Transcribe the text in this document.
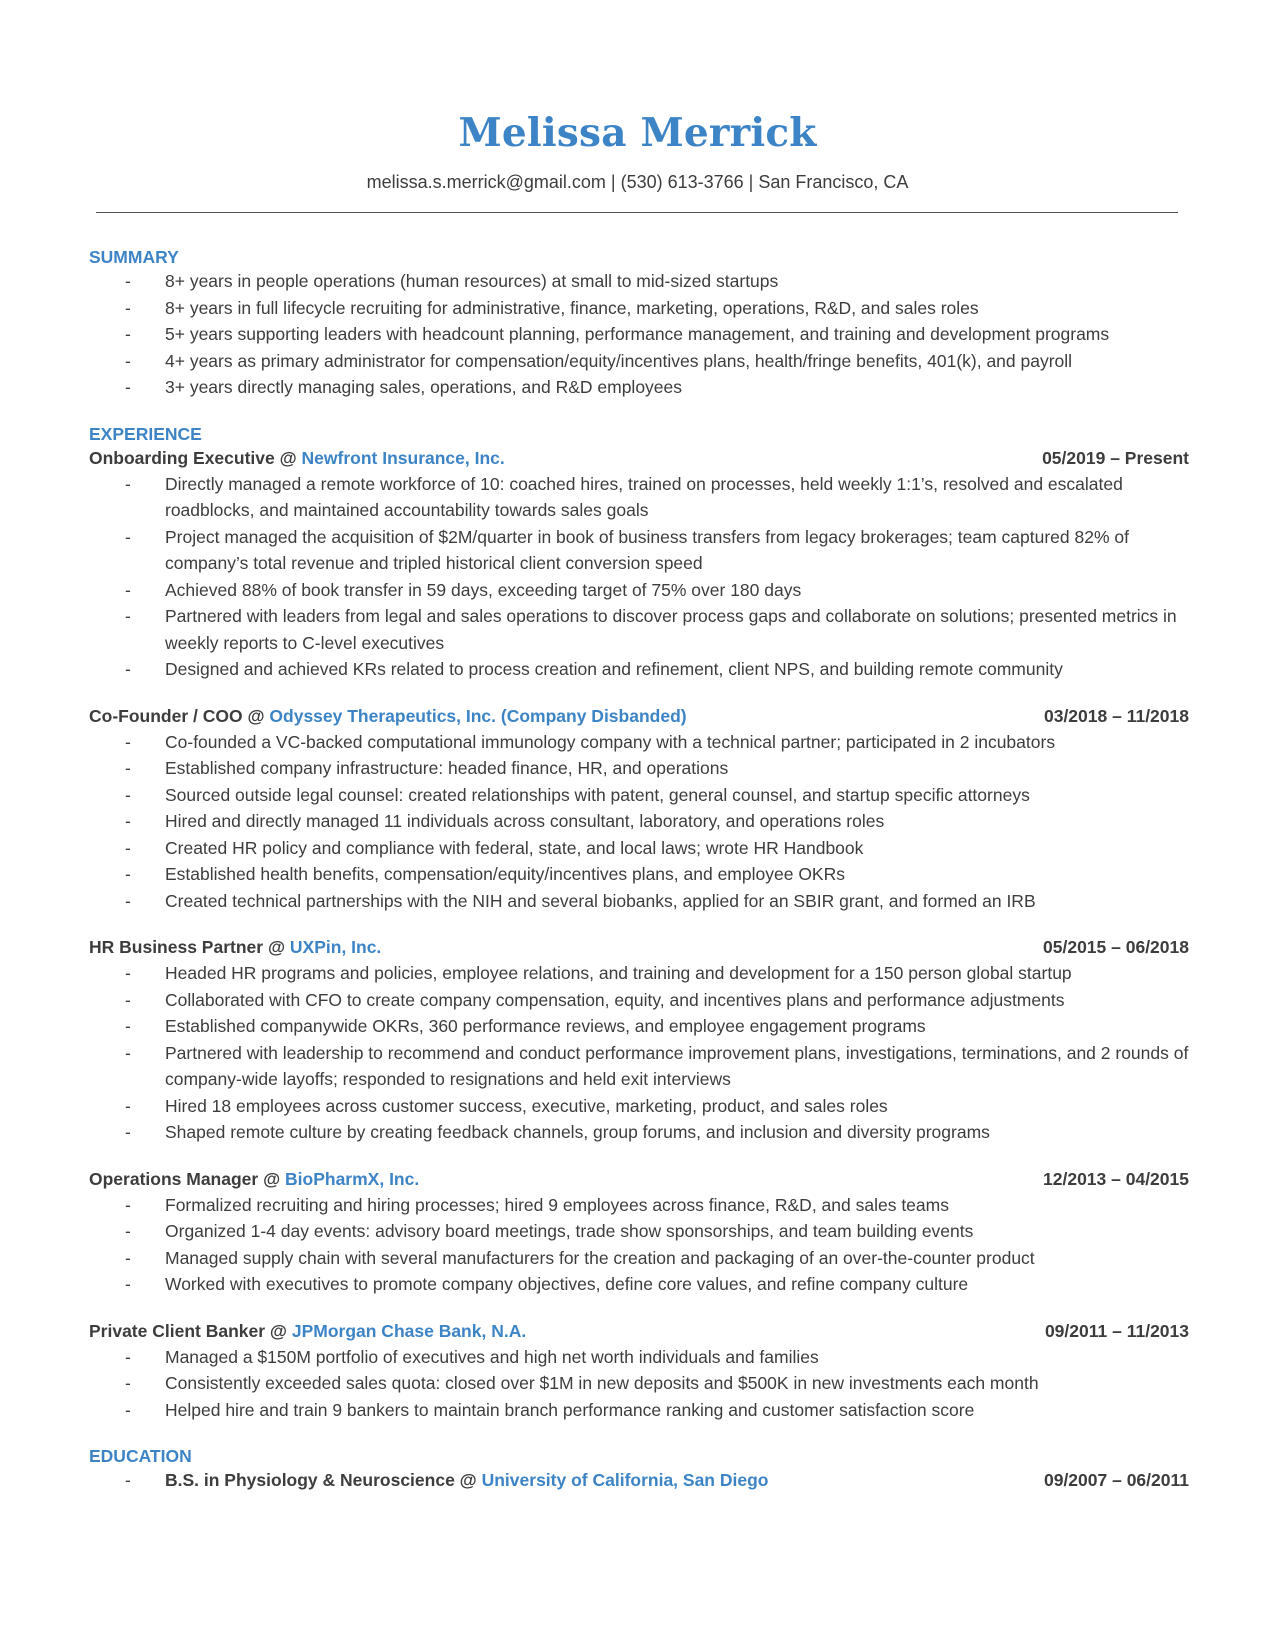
Melissa Merrick
melissa.s.merrick@gmail.com | (530) 613-3766 | San Francisco, CA
SUMMARY
-	8+ years in people operations (human resources) at small to mid-sized startups
-	8+ years in full lifecycle recruiting for administrative, finance, marketing, operations, R&D, and sales roles
-	5+ years supporting leaders with headcount planning, performance management, and training and development programs
-	4+ years as primary administrator for compensation/equity/incentives plans, health/fringe benefits, 401(k), and payroll
-	3+ years directly managing sales, operations, and R&D employees
EXPERIENCE
Onboarding Executive @ Newfront Insurance, Inc.	05/2019 – Present
-	Directly managed a remote workforce of 10: coached hires, trained on processes, held weekly 1:1’s, resolved and escalated roadblocks, and maintained accountability towards sales goals
-	Project managed the acquisition of $2M/quarter in book of business transfers from legacy brokerages; team captured 82% of company’s total revenue and tripled historical client conversion speed
-	Achieved 88% of book transfer in 59 days, exceeding target of 75% over 180 days
-	Partnered with leaders from legal and sales operations to discover process gaps and collaborate on solutions; presented metrics in weekly reports to C-level executives
-	Designed and achieved KRs related to process creation and refinement, client NPS, and building remote community
Co-Founder / COO @ Odyssey Therapeutics, Inc. (Company Disbanded)	03/2018 – 11/2018
-	Co-founded a VC-backed computational immunology company with a technical partner; participated in 2 incubators
-	Established company infrastructure: headed finance, HR, and operations
-	Sourced outside legal counsel: created relationships with patent, general counsel, and startup specific attorneys
-	Hired and directly managed 11 individuals across consultant, laboratory, and operations roles
-	Created HR policy and compliance with federal, state, and local laws; wrote HR Handbook
-	Established health benefits, compensation/equity/incentives plans, and employee OKRs
-	Created technical partnerships with the NIH and several biobanks, applied for an SBIR grant, and formed an IRB
HR Business Partner @ UXPin, Inc.	05/2015 – 06/2018
-	Headed HR programs and policies, employee relations, and training and development for a 150 person global startup
-	Collaborated with CFO to create company compensation, equity, and incentives plans and performance adjustments
-	Established companywide OKRs, 360 performance reviews, and employee engagement programs
-	Partnered with leadership to recommend and conduct performance improvement plans, investigations, terminations, and 2 rounds of company-wide layoffs; responded to resignations and held exit interviews
-	Hired 18 employees across customer success, executive, marketing, product, and sales roles
-	Shaped remote culture by creating feedback channels, group forums, and inclusion and diversity programs
Operations Manager @ BioPharmX, Inc.	12/2013 – 04/2015
-	Formalized recruiting and hiring processes; hired 9 employees across finance, R&D, and sales teams
-	Organized 1-4 day events: advisory board meetings, trade show sponsorships, and team building events
-	Managed supply chain with several manufacturers for the creation and packaging of an over-the-counter product
-	Worked with executives to promote company objectives, define core values, and refine company culture
Private Client Banker @ JPMorgan Chase Bank, N.A.	09/2011 – 11/2013
-	Managed a $150M portfolio of executives and high net worth individuals and families
-	Consistently exceeded sales quota: closed over $1M in new deposits and $500K in new investments each month
-	Helped hire and train 9 bankers to maintain branch performance ranking and customer satisfaction score
EDUCATION
-	B.S. in Physiology & Neuroscience @ University of California, San Diego	09/2007 – 06/2011
